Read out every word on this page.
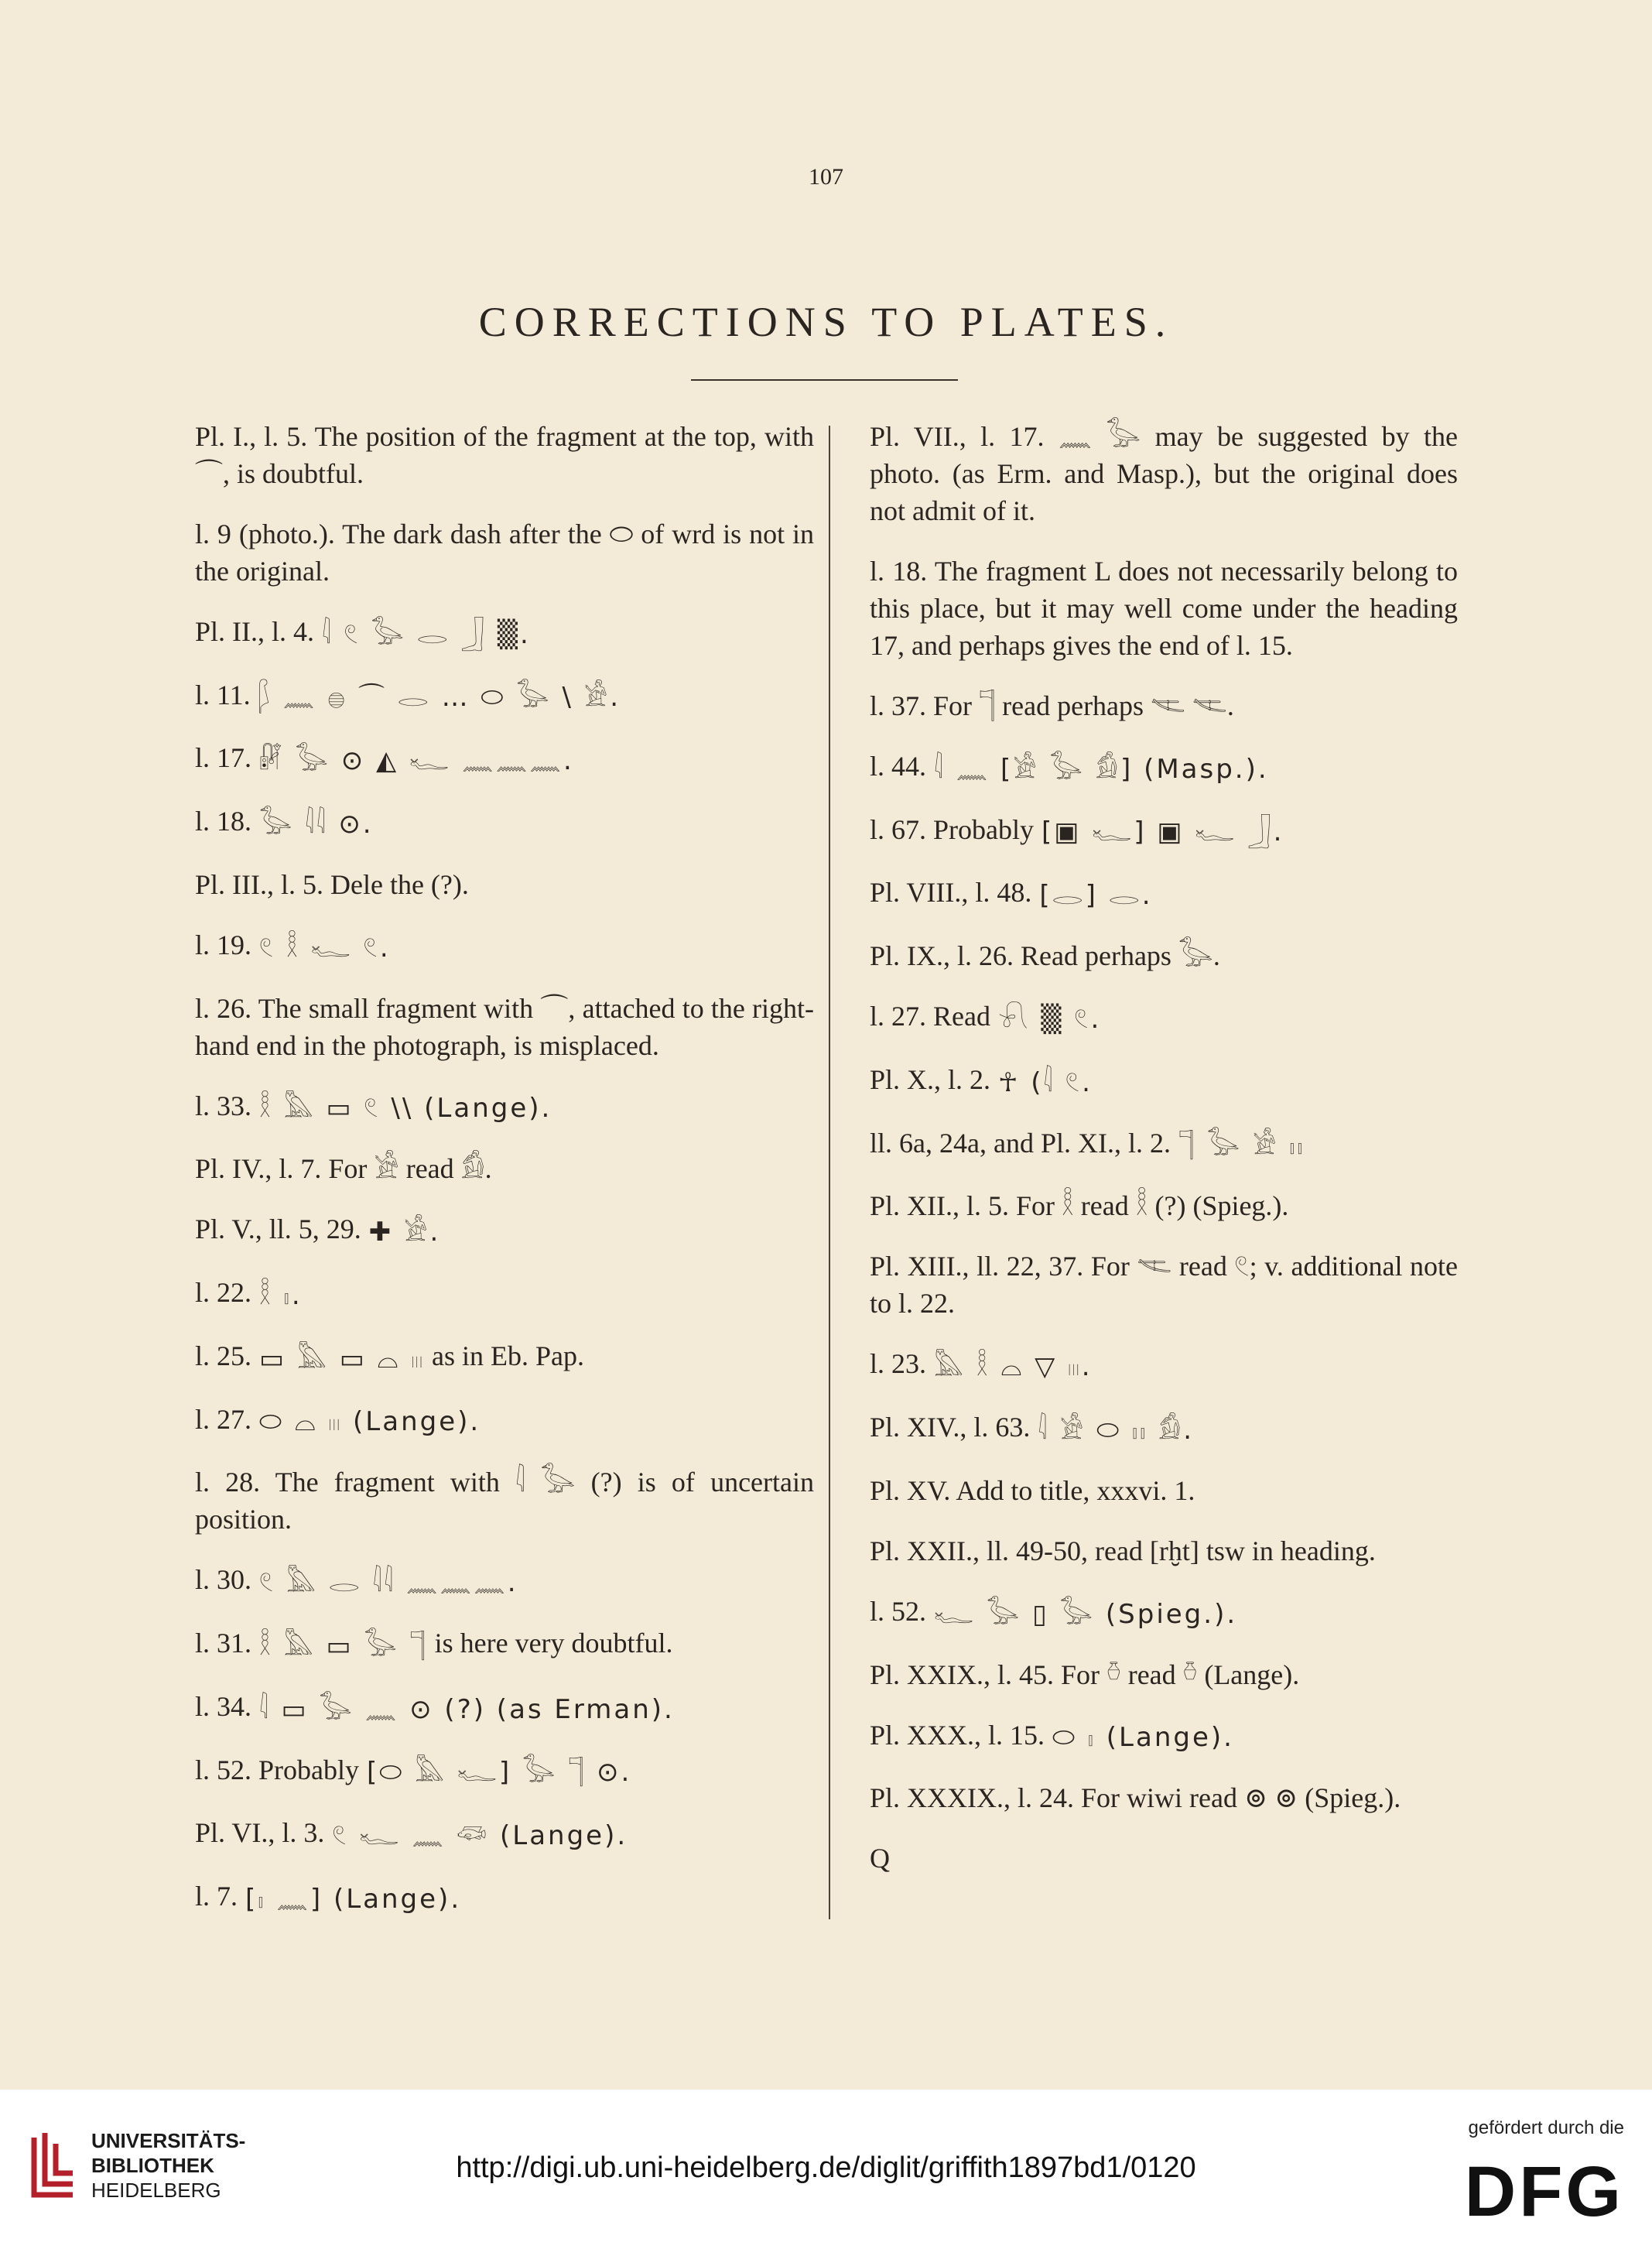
107
CORRECTIONS TO PLATES.

Pl. I., l. 5. The position of the fragment at the top, with ⌒, is doubtful.

l. 9 (photo.). The dark dash after the ⬭ of wrd is not in the original.

Pl. II., l. 4. 𓇋 𓏲 𓅭 𓂋 𓃀 ▒.

l. 11. 𓆄 𓈖 𓐍 ⌒ 𓂋 … ⬭ 𓅭 \ 𓀀.

l. 17. 𓏞 𓅭 ⊙ ◭ 𓆑 𓈖𓈖𓈖.

l. 18. 𓅭 𓇋𓇋 ⊙.

Pl. III., l. 5. Dele the (?).

l. 19. 𓏲 𓎛 𓆑 𓏲.

l. 26. The small fragment with ⌒, attached to the right-hand end in the photograph, is misplaced.

l. 33. 𓎛 𓅓 ▭ 𓏲 \\ (Lange).

Pl. IV., l. 7. For 𓀀 read 𓀁.

Pl. V., ll. 5, 29. ✚ 𓀀.

l. 22. 𓎛 𓏤.

l. 25. ▭ 𓅓 ▭ ⌓ 𓏼 as in Eb. Pap.

l. 27. ⬭ ⌓ 𓏼 (Lange).

l. 28. The fragment with 𓇋 𓅭 (?) is of uncertain position.

l. 30. 𓏲 𓅓 𓂋 𓇋𓇋 𓈖𓈖𓈖.

l. 31. 𓎛 𓅓 ▭ 𓅭 𓊹 is here very doubtful.

l. 34. 𓇋 ▭ 𓅭 𓈖 ⊙ (?) (as Erman).

l. 52. Probably [⬭ 𓅓 𓆑] 𓅭 𓊹 ⊙.

Pl. VI., l. 3. 𓏲 𓆑 𓈖 𓆛 (Lange).

l. 7. [𓏤 𓈖] (Lange).

Pl. VII., l. 17. 𓈖 𓅭 may be suggested by the photo. (as Erm. and Masp.), but the original does not admit of it.

l. 18. The fragment L does not necessarily belong to this place, but it may well come under the heading 17, and perhaps gives the end of l. 15.

l. 37. For 𓊹 read perhaps 𓌻 𓌻.

l. 44. 𓇋 𓈖 [𓀀 𓅭 𓀁] (Masp.).

l. 67. Probably [▣ 𓆑] ▣ 𓆑 𓃀.

Pl. VIII., l. 48. [𓂋] 𓂋.

Pl. IX., l. 26. Read perhaps 𓅭.

l. 27. Read 𓍯 ▒ 𓏲.

Pl. X., l. 2. ☥ (𓇋 𓏲.

ll. 6a, 24a, and Pl. XI., l. 2. 𓊹 𓅭 𓀀 𓏤𓏤

Pl. XII., l. 5. For 𓎛 read 𓎛 (?) (Spieg.).

Pl. XIII., ll. 22, 37. For 𓌻 read 𓏲; v. additional note to l. 22.

l. 23. 𓅓 𓎛 ⌓ ▽ 𓏼.

Pl. XIV., l. 63. 𓇋 𓀀 ⬭ 𓏤𓏤 𓀁.

Pl. XV. Add to title, xxxvi. 1.

Pl. XXII., ll. 49-50, read [rḫt] tsw in heading.

l. 52. 𓆑 𓅭 ▯ 𓅭 (Spieg.).

Pl. XXIX., l. 45. For 𓏊 read 𓏊 (Lange).

Pl. XXX., l. 15. ⬭ 𓏤 (Lange).

Pl. XXXIX., l. 24. For wiwi read ⊚ ⊚ (Spieg.).

Q

UNIVERSITÄTS-
BIBLIOTHEK
HEIDELBERG
http://digi.ub.uni-heidelberg.de/diglit/griffith1897bd1/0120
gefördert durch die
DFG
